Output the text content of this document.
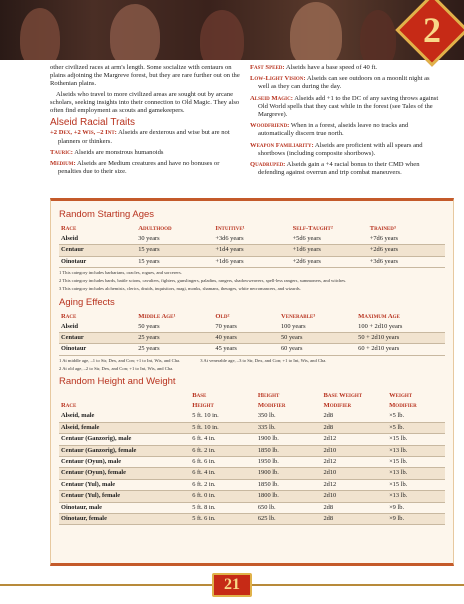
2

other civilized races at arm's length. Some socialize with centaurs on plains adjoining the Margreve forest, but they are rare further out on the Rothenian plains.

Alseids who travel to more civilized areas are sought out by arcane scholars, seeking insights into their connection to Old Magic. They also often find employment as scouts and gamekeepers.

Alseid Racial Traits
+2 Dex, +2 Wis, –2 Int: Alseids are dexterous and wise but are not planners or thinkers.
Tauric: Alseids are monstrous humanoids
Medium: Alseids are Medium creatures and have no bonuses or penalties due to their size.
Fast Speed: Alseids have a base speed of 40 ft.
Low-Light Vision: Alseids can see outdoors on a moonlit night as well as they can during the day.
Alseid Magic: Alseids add +1 to the DC of any saving throws against Old World spells that they cast while in the forest (see Tales of the Margreve).
Woodfriend: When in a forest, alseids leave no tracks and automatically discern true north.
Weapon Familiarity: Alseids are proficient with all spears and shortbows (including composite shortbows).
Quadruped: Alseids gain a +4 racial bonus to their CMD when defending against overrun and trip combat maneuvers.
Random Starting Ages
Race	Adulthood	Intuitive¹	Self-Taught²	Trained³
Alseid	30 years	+3d6 years	+5d6 years	+7d6 years
Centaur	15 years	+1d4 years	+1d6 years	+2d6 years
Oinotaur	15 years	+1d6 years	+2d6 years	+3d6 years
1 This category includes barbarians, oracles, rogues, and sorcerers.
2 This category includes bards, battle scions, cavaliers, fighters, gunslingers, paladins, rangers, shadowweavers, spell-less rangers, summoners, and witches.
3 This category includes alchemists, clerics, druids, inquisitors, magi, monks, shamans, theurges, white necromancers, and wizards.
Aging Effects
Race	Middle Age¹	Old²	Venerable³	Maximum Age
Alseid	50 years	70 years	100 years	100 + 2d10 years
Centaur	25 years	40 years	50 years	50 + 2d10 years
Oinotaur	25 years	45 years	60 years	60 + 2d10 years
1 At middle age, –1 to Str, Dex, and Con; +1 to Int, Wis, and Cha.	3 At venerable age, –3 to Str, Dex, and Con; +1 to Int, Wis, and Cha.
2 At old age, –2 to Str, Dex, and Con; +1 to Int, Wis, and Cha.
Random Height and Weight
	Base	Height	Base Weight	Weight
Race	Height	Modifier	Modifier	Modifier
Alseid, male	5 ft. 10 in.	350 lb.	2d8	×5 lb.
Alseid, female	5 ft. 10 in.	335 lb.	2d8	×5 lb.
Centaur (Ganzorig), male	6 ft. 4 in.	1900 lb.	2d12	×15 lb.
Centaur (Ganzorig), female	6 ft. 2 in.	1850 lb.	2d10	×13 lb.
Centaur (Oyun), male	6 ft. 6 in.	1950 lb.	2d12	×15 lb.
Centaur (Oyun), female	6 ft. 4 in.	1900 lb.	2d10	×13 lb.
Centaur (Yul), male	6 ft. 2 in.	1850 lb.	2d12	×15 lb.
Centaur (Yul), female	6 ft. 0 in.	1800 lb.	2d10	×13 lb.
Oinotaur, male	5 ft. 8 in.	650 lb.	2d8	×9 lb.
Oinotaur, female	5 ft. 6 in.	625 lb.	2d8	×9 lb.
21
